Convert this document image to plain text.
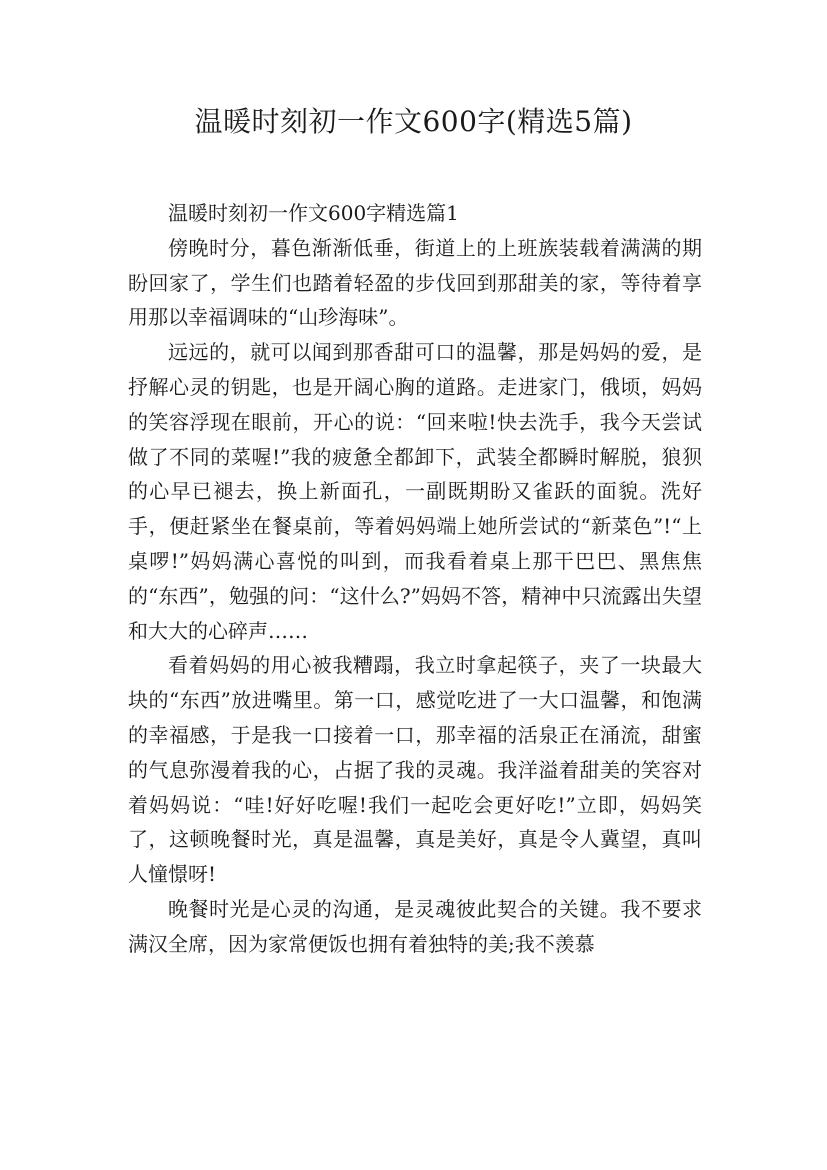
温暖时刻初一作文600字(精选5篇)

温暖时刻初一作文600字精选篇1

傍晚时分，暮色渐渐低垂，街道上的上班族装载着满满的期盼回家了，学生们也踏着轻盈的步伐回到那甜美的家，等待着享用那以幸福调味的“山珍海味”。

远远的，就可以闻到那香甜可口的温馨，那是妈妈的爱，是抒解心灵的钥匙，也是开阔心胸的道路。走进家门，俄顷，妈妈的笑容浮现在眼前，开心的说：“回来啦!快去洗手，我今天尝试做了不同的菜喔!”我的疲惫全都卸下，武装全都瞬时解脱，狼狈的心早已褪去，换上新面孔，一副既期盼又雀跃的面貌。洗好手，便赶紧坐在餐桌前，等着妈妈端上她所尝试的“新菜色”!“上桌啰!”妈妈满心喜悦的叫到，而我看着桌上那干巴巴、黑焦焦的“东西”，勉强的问：“这什么?”妈妈不答，精神中只流露出失望和大大的心碎声……

看着妈妈的用心被我糟蹋，我立时拿起筷子，夹了一块最大块的“东西”放进嘴里。第一口，感觉吃进了一大口温馨，和饱满的幸福感，于是我一口接着一口，那幸福的活泉正在涌流，甜蜜的气息弥漫着我的心，占据了我的灵魂。我洋溢着甜美的笑容对着妈妈说：“哇!好好吃喔!我们一起吃会更好吃!”立即，妈妈笑了，这顿晚餐时光，真是温馨，真是美好，真是令人冀望，真叫人憧憬呀!

晚餐时光是心灵的沟通，是灵魂彼此契合的关键。我不要求满汉全席，因为家常便饭也拥有着独特的美;我不羡慕
